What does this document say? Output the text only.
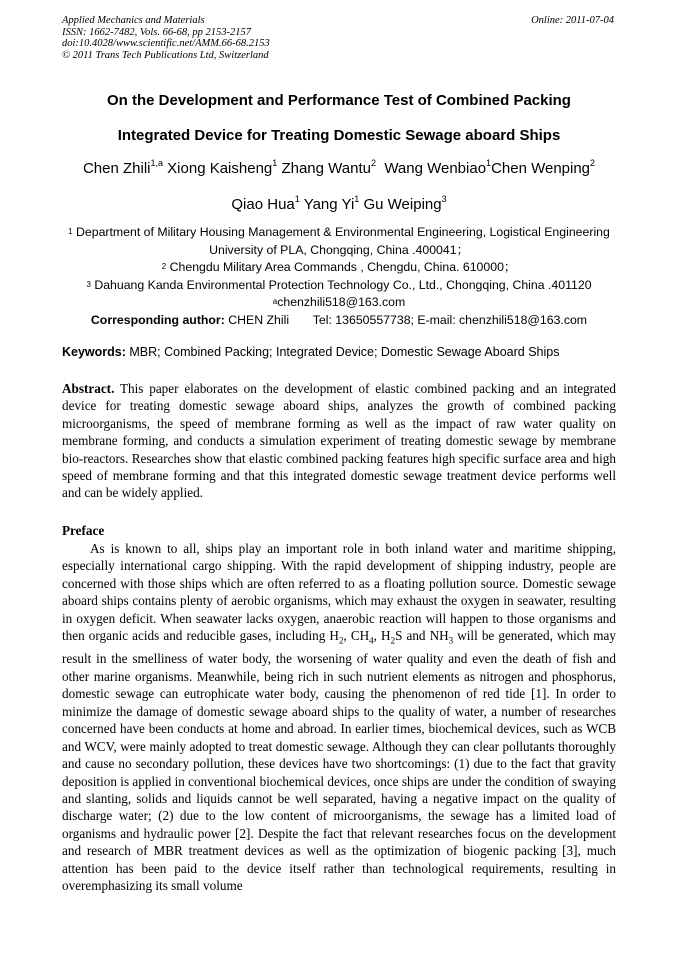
Applied Mechanics and Materials
ISSN: 1662-7482, Vols. 66-68, pp 2153-2157
doi:10.4028/www.scientific.net/AMM.66-68.2153
© 2011 Trans Tech Publications Ltd, Switzerland
Online: 2011-07-04
On the Development and Performance Test of Combined Packing
Integrated Device for Treating Domestic Sewage aboard Ships
Chen Zhili$^{1,a}$ Xiong Kaisheng$^1$ Zhang Wantu$^2$ Wang Wenbiao$^1$Chen Wenping$^2$
Qiao Hua$^1$ Yang Yi$^1$ Gu Weiping$^3$
$^1$ Department of Military Housing Management & Environmental Engineering, Logistical Engineering
University of PLA, Chongqing, China .400041；
$^2$ Chengdu Military Area Commands , Chengdu, China. 610000；
$^3$ Dahuang Kanda Environmental Protection Technology Co., Ltd., Chongqing, China .401120
$^a$chenzhili518@163.com
Corresponding author: CHEN Zhili       Tel: 13650557738; E-mail: chenzhili518@163.com
Keywords: MBR; Combined Packing; Integrated Device; Domestic Sewage Aboard Ships
Abstract. This paper elaborates on the development of elastic combined packing and an integrated device for treating domestic sewage aboard ships, analyzes the growth of combined packing microorganisms, the speed of membrane forming as well as the impact of raw water quality on membrane forming, and conducts a simulation experiment of treating domestic sewage by membrane bio-reactors. Researches show that elastic combined packing features high specific surface area and high speed of membrane forming and that this integrated domestic sewage treatment device performs well and can be widely applied.
Preface

As is known to all, ships play an important role in both inland water and maritime shipping, especially international cargo shipping. With the rapid development of shipping industry, people are concerned with those ships which are often referred to as a floating pollution source. Domestic sewage aboard ships contains plenty of aerobic organisms, which may exhaust the oxygen in seawater, resulting in oxygen deficit. When seawater lacks oxygen, anaerobic reaction will happen to those organisms and then organic acids and reducible gases, including $H_2$, $CH_4$, $H_2S$ and $NH_3$ will be generated, which may result in the smelliness of water body, the worsening of water quality and even the death of fish and other marine organisms. Meanwhile, being rich in such nutrient elements as nitrogen and phosphorus, domestic sewage can eutrophicate water body, causing the phenomenon of red tide [1]. In order to minimize the damage of domestic sewage aboard ships to the quality of water, a number of researches concerned have been conducts at home and abroad. In earlier times, biochemical devices, such as WCB and WCV, were mainly adopted to treat domestic sewage. Although they can clear pollutants thoroughly and cause no secondary pollution, these devices have two shortcomings: (1) due to the fact that gravity deposition is applied in conventional biochemical devices, once ships are under the condition of swaying and slanting, solids and liquids cannot be well separated, having a negative impact on the quality of discharge water; (2) due to the low content of microorganisms, the sewage has a limited load of organisms and hydraulic power [2]. Despite the fact that relevant researches focus on the development and research of MBR treatment devices as well as the optimization of biogenic packing [3], much attention has been paid to the device itself rather than technological requirements, resulting in overemphasizing its small volume
